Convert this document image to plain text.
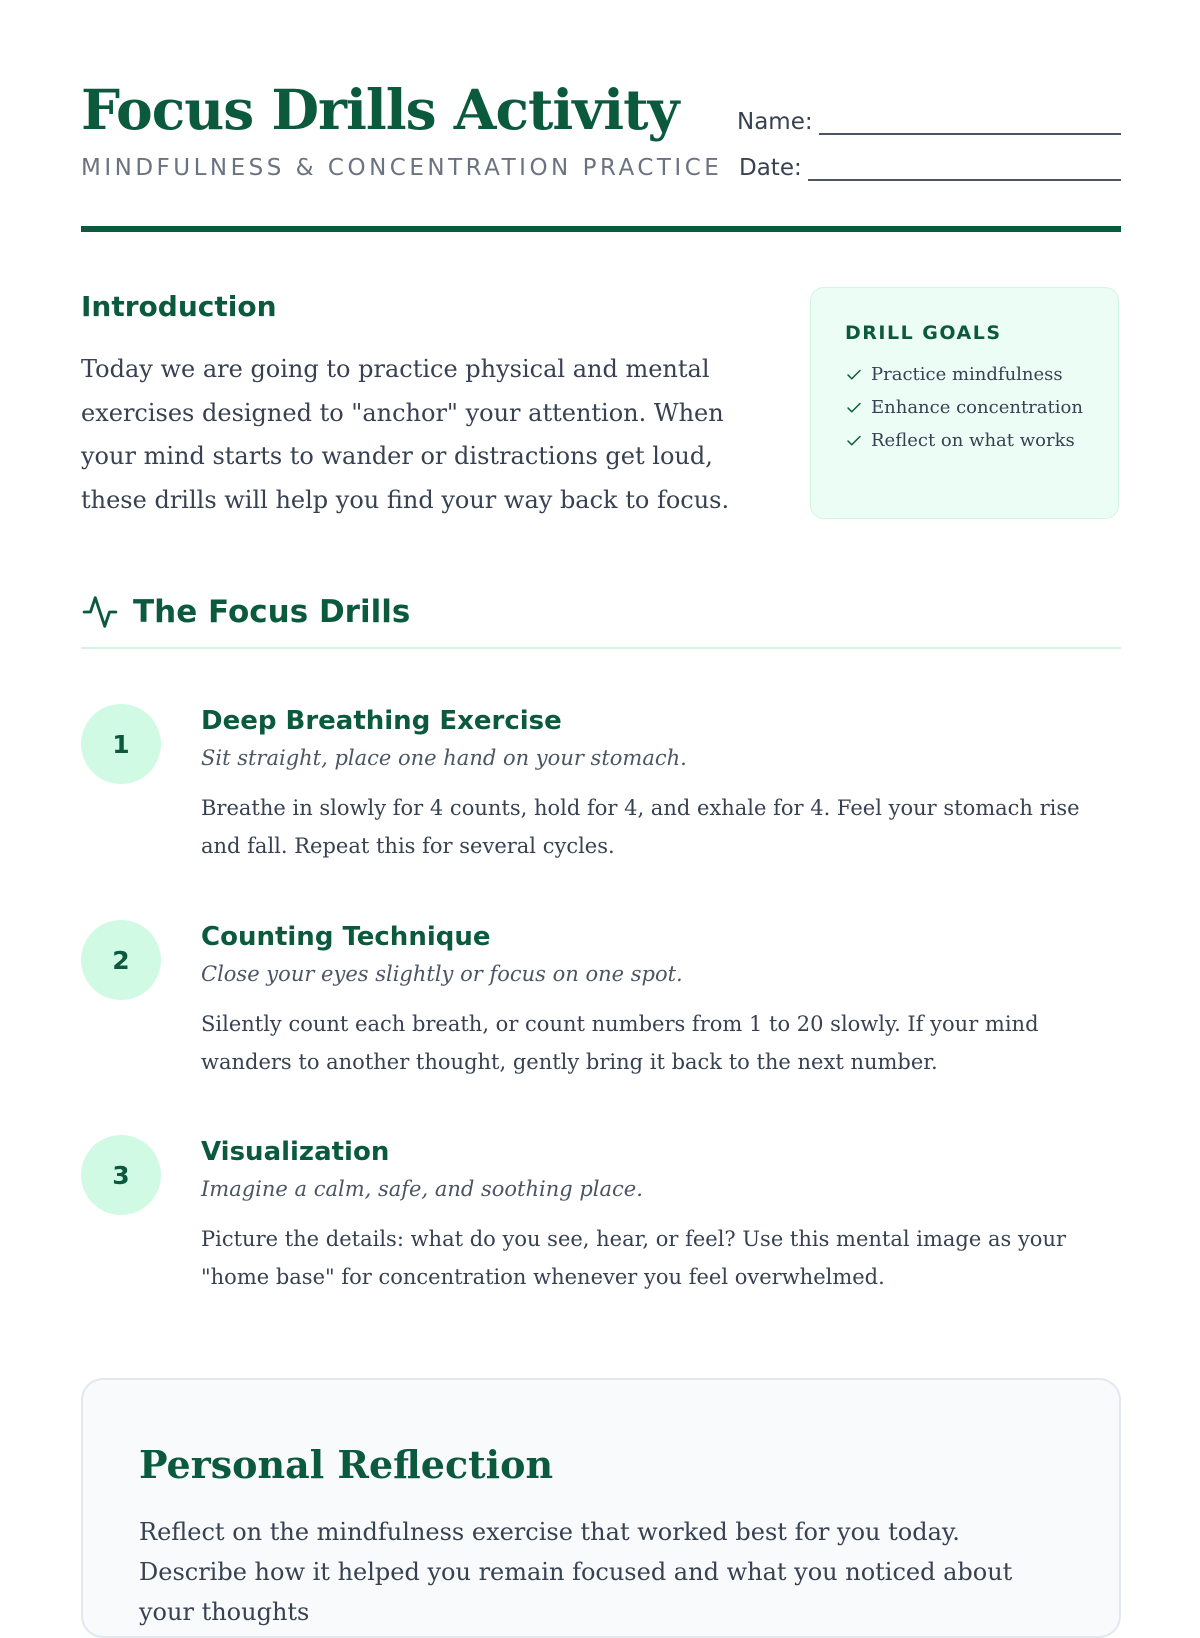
Focus Drills Activity
MINDFULNESS & CONCENTRATION PRACTICE
Name:
Date:
Introduction

Today we are going to practice physical and mental exercises designed to "anchor" your attention. When your mind starts to wander or distractions get loud, these drills will help you find your way back to focus.

DRILL GOALS
Practice mindfulness
Enhance concentration
Reflect on what works
The Focus Drills
1
Deep Breathing Exercise
Sit straight, place one hand on your stomach.

Breathe in slowly for 4 counts, hold for 4, and exhale for 4. Feel your stomach rise and fall. Repeat this for several cycles.

2
Counting Technique
Close your eyes slightly or focus on one spot.

Silently count each breath, or count numbers from 1 to 20 slowly. If your mind wanders to another thought, gently bring it back to the next number.

3
Visualization
Imagine a calm, safe, and soothing place.

Picture the details: what do you see, hear, or feel? Use this mental image as your "home base" for concentration whenever you feel overwhelmed.

Personal Reflection

Reflect on the mindfulness exercise that worked best for you today. Describe how it helped you remain focused and what you noticed about your thoughts
